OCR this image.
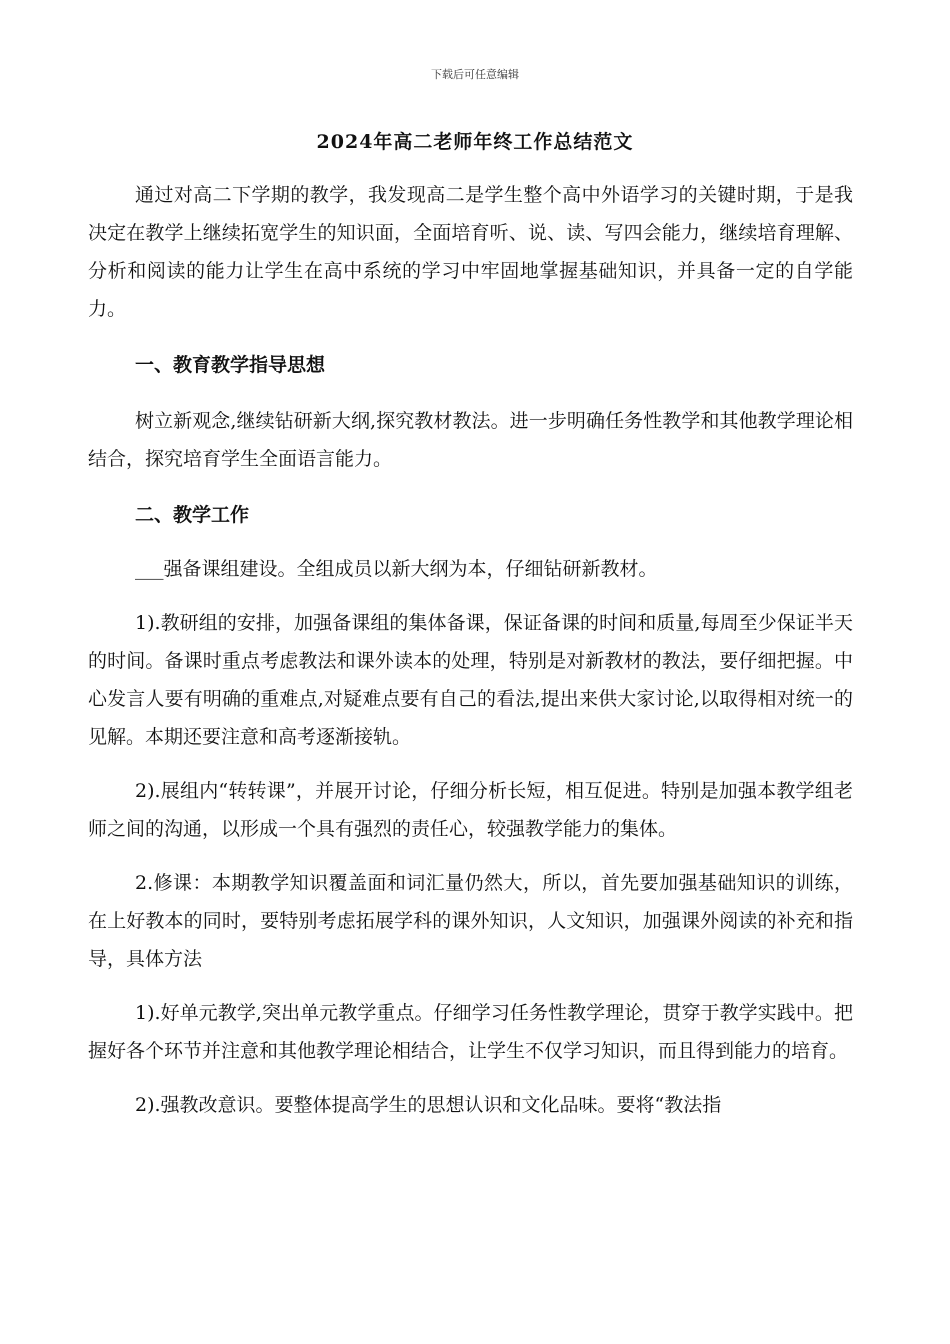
下载后可任意编辑
2024年高二老师年终工作总结范文

通过对高二下学期的教学，我发现高二是学生整个高中外语学习的关键时期，于是我决定在教学上继续拓宽学生的知识面，全面培育听、说、读、写四会能力，继续培育理解、分析和阅读的能力让学生在高中系统的学习中牢固地掌握基础知识，并具备一定的自学能力。

一、教育教学指导思想

树立新观念,继续钻研新大纲,探究教材教法。进一步明确任务性教学和其他教学理论相结合，探究培育学生全面语言能力。

二、教学工作

___强备课组建设。全组成员以新大纲为本，仔细钻研新教材。

1).教研组的安排，加强备课组的集体备课，保证备课的时间和质量,每周至少保证半天的时间。备课时重点考虑教法和课外读本的处理，特别是对新教材的教法，要仔细把握。中心发言人要有明确的重难点,对疑难点要有自己的看法,提出来供大家讨论,以取得相对统一的见解。本期还要注意和高考逐渐接轨。

2).展组内“转转课”，并展开讨论，仔细分析长短，相互促进。特别是加强本教学组老师之间的沟通，以形成一个具有强烈的责任心，较强教学能力的集体。

2.修课：本期教学知识覆盖面和词汇量仍然大，所以，首先要加强基础知识的训练，在上好教本的同时，要特别考虑拓展学科的课外知识，人文知识，加强课外阅读的补充和指导，具体方法

1).好单元教学,突出单元教学重点。仔细学习任务性教学理论，贯穿于教学实践中。把握好各个环节并注意和其他教学理论相结合，让学生不仅学习知识，而且得到能力的培育。

2).强教改意识。要整体提高学生的思想认识和文化品味。要将“教法指
